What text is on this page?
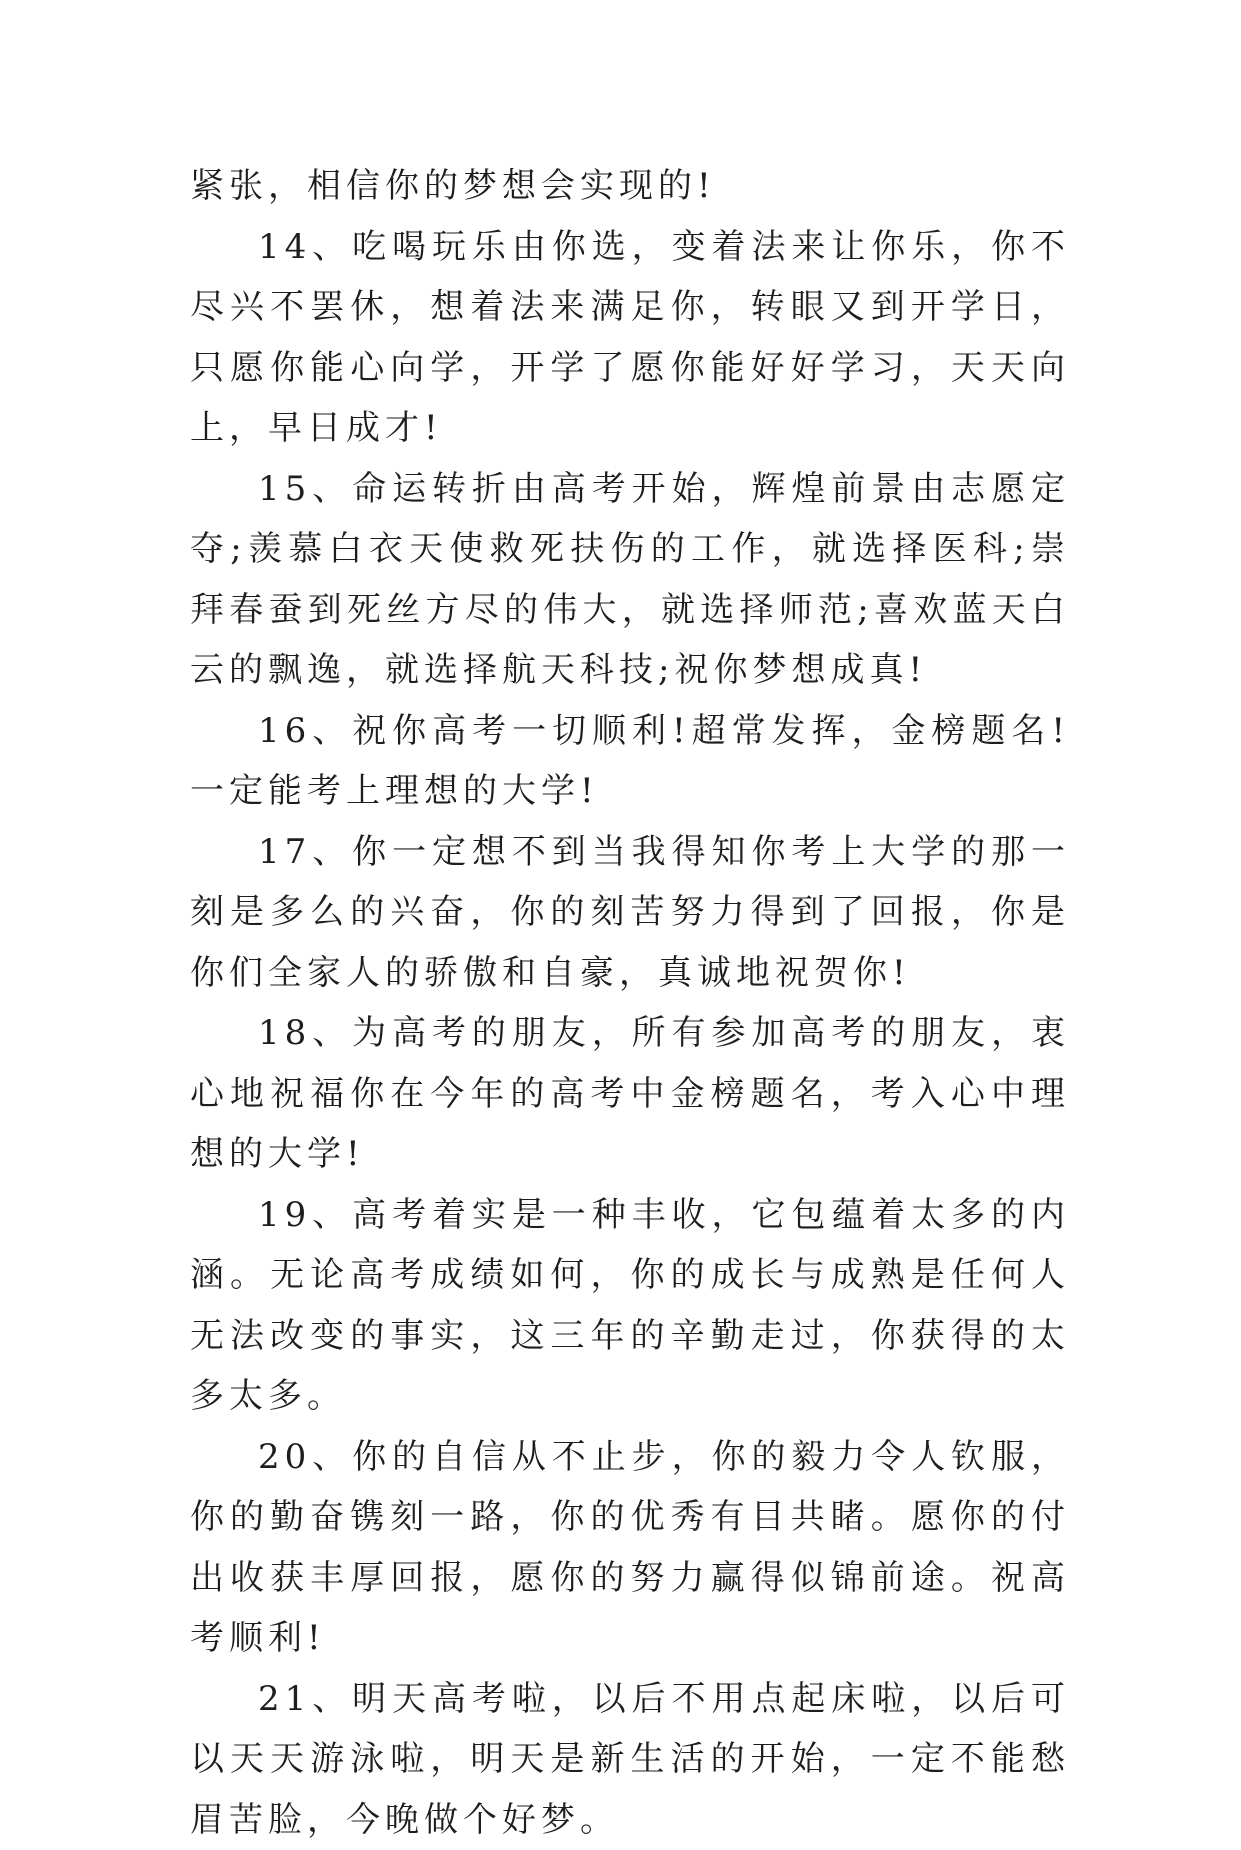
紧张，相信你的梦想会实现的!

14、吃喝玩乐由你选，变着法来让你乐，你不尽兴不罢休，想着法来满足你，转眼又到开学日，只愿你能心向学，开学了愿你能好好学习，天天向上，早日成才!

15、命运转折由高考开始，辉煌前景由志愿定夺;羡慕白衣天使救死扶伤的工作，就选择医科;崇拜春蚕到死丝方尽的伟大，就选择师范;喜欢蓝天白云的飘逸，就选择航天科技;祝你梦想成真!

16、祝你高考一切顺利!超常发挥，金榜题名!一定能考上理想的大学!

17、你一定想不到当我得知你考上大学的那一刻是多么的兴奋，你的刻苦努力得到了回报，你是你们全家人的骄傲和自豪，真诚地祝贺你!

18、为高考的朋友，所有参加高考的朋友，衷心地祝福你在今年的高考中金榜题名，考入心中理想的大学!

19、高考着实是一种丰收，它包蕴着太多的内涵。无论高考成绩如何，你的成长与成熟是任何人无法改变的事实，这三年的辛勤走过，你获得的太多太多。

20、你的自信从不止步，你的毅力令人钦服，你的勤奋镌刻一路，你的优秀有目共睹。愿你的付出收获丰厚回报，愿你的努力赢得似锦前途。祝高考顺利!

21、明天高考啦，以后不用点起床啦，以后可以天天游泳啦，明天是新生活的开始，一定不能愁眉苦脸，今晚做个好梦。
